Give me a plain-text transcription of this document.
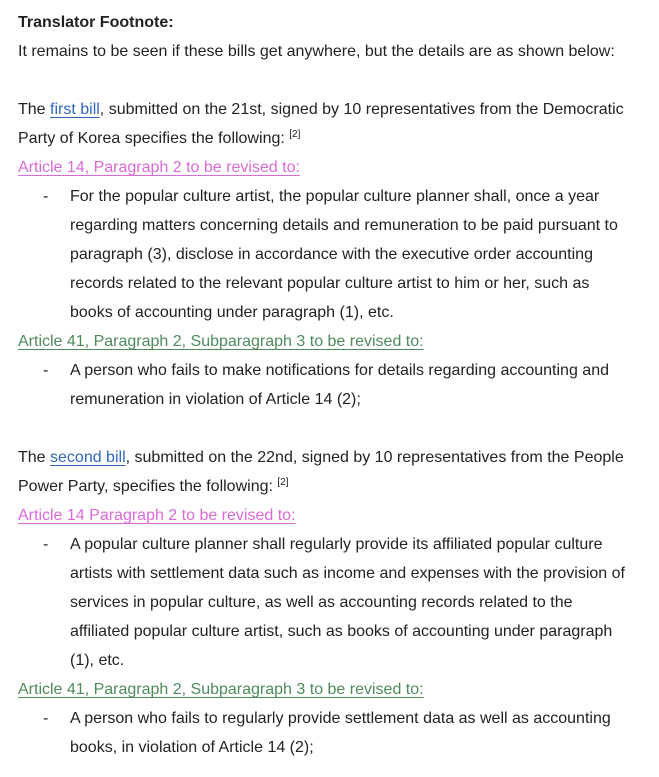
Translator Footnote:
It remains to be seen if these bills get anywhere, but the details are as shown below:
The first bill, submitted on the 21st, signed by 10 representatives from the Democratic
Party of Korea specifies the following: [2]
Article 14, Paragraph 2 to be revised to:
- For the popular culture artist, the popular culture planner shall, once a year
regarding matters concerning details and remuneration to be paid pursuant to
paragraph (3), disclose in accordance with the executive order accounting
records related to the relevant popular culture artist to him or her, such as
books of accounting under paragraph (1), etc.
Article 41, Paragraph 2, Subparagraph 3 to be revised to:
- A person who fails to make notifications for details regarding accounting and
remuneration in violation of Article 14 (2);
The second bill, submitted on the 22nd, signed by 10 representatives from the People
Power Party, specifies the following: [2]
Article 14 Paragraph 2 to be revised to:
- A popular culture planner shall regularly provide its affiliated popular culture
artists with settlement data such as income and expenses with the provision of
services in popular culture, as well as accounting records related to the
affiliated popular culture artist, such as books of accounting under paragraph
(1), etc.
Article 41, Paragraph 2, Subparagraph 3 to be revised to:
- A person who fails to regularly provide settlement data as well as accounting
books, in violation of Article 14 (2);
